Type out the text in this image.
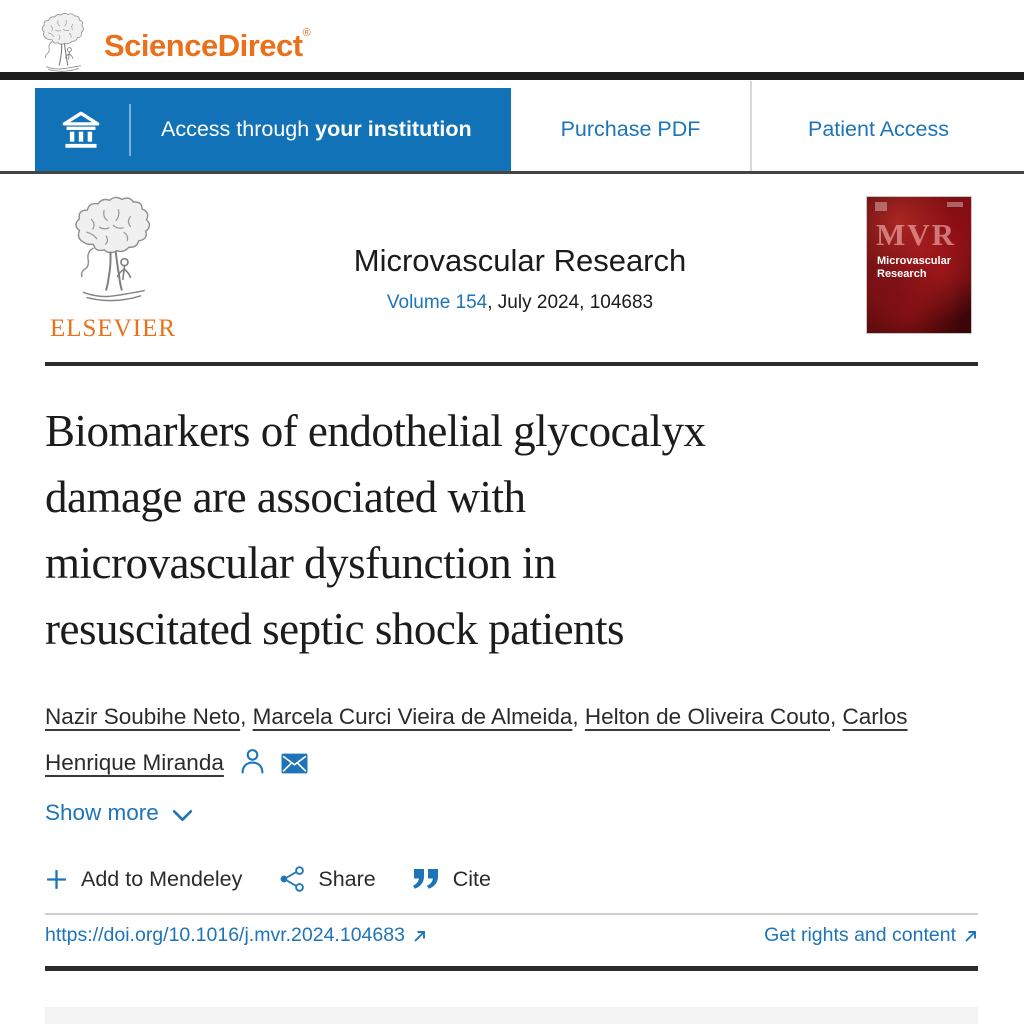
ScienceDirect®
Access through your institution	Purchase PDF	Patient Access
ELSEVIER
Microvascular Research
Volume 154, July 2024, 104683
MVR
Microvascular
Research
Biomarkers of endothelial glycocalyx
damage are associated with
microvascular dysfunction in
resuscitated septic shock patients
Nazir Soubihe Neto, Marcela Curci Vieira de Almeida, Helton de Oliveira Couto, Carlos Henrique Miranda
Show more
Add to Mendeley	Share	Cite
https://doi.org/10.1016/j.mvr.2024.104683	Get rights and content
